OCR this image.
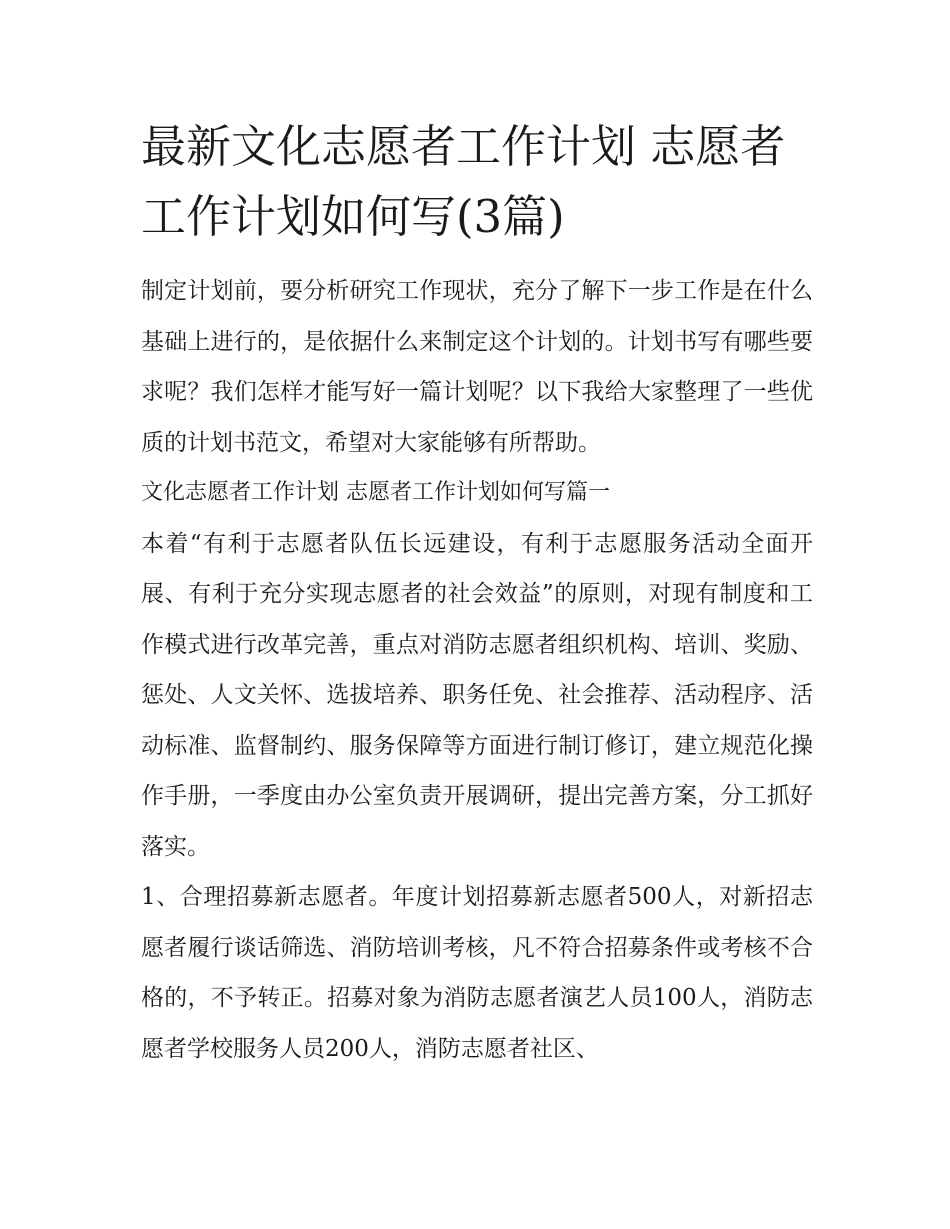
最新文化志愿者工作计划 志愿者工作计划如何写(3篇)

制定计划前，要分析研究工作现状，充分了解下一步工作是在什么基础上进行的，是依据什么来制定这个计划的。计划书写有哪些要求呢？我们怎样才能写好一篇计划呢？以下我给大家整理了一些优质的计划书范文，希望对大家能够有所帮助。

文化志愿者工作计划 志愿者工作计划如何写篇一

本着“有利于志愿者队伍长远建设，有利于志愿服务活动全面开展、有利于充分实现志愿者的社会效益”的原则，对现有制度和工作模式进行改革完善，重点对消防志愿者组织机构、培训、奖励、惩处、人文关怀、选拔培养、职务任免、社会推荐、活动程序、活动标准、监督制约、服务保障等方面进行制订修订，建立规范化操作手册，一季度由办公室负责开展调研，提出完善方案，分工抓好落实。

1、合理招募新志愿者。年度计划招募新志愿者500人，对新招志愿者履行谈话筛选、消防培训考核，凡不符合招募条件或考核不合格的，不予转正。招募对象为消防志愿者演艺人员100人，消防志愿者学校服务人员200人，消防志愿者社区、
